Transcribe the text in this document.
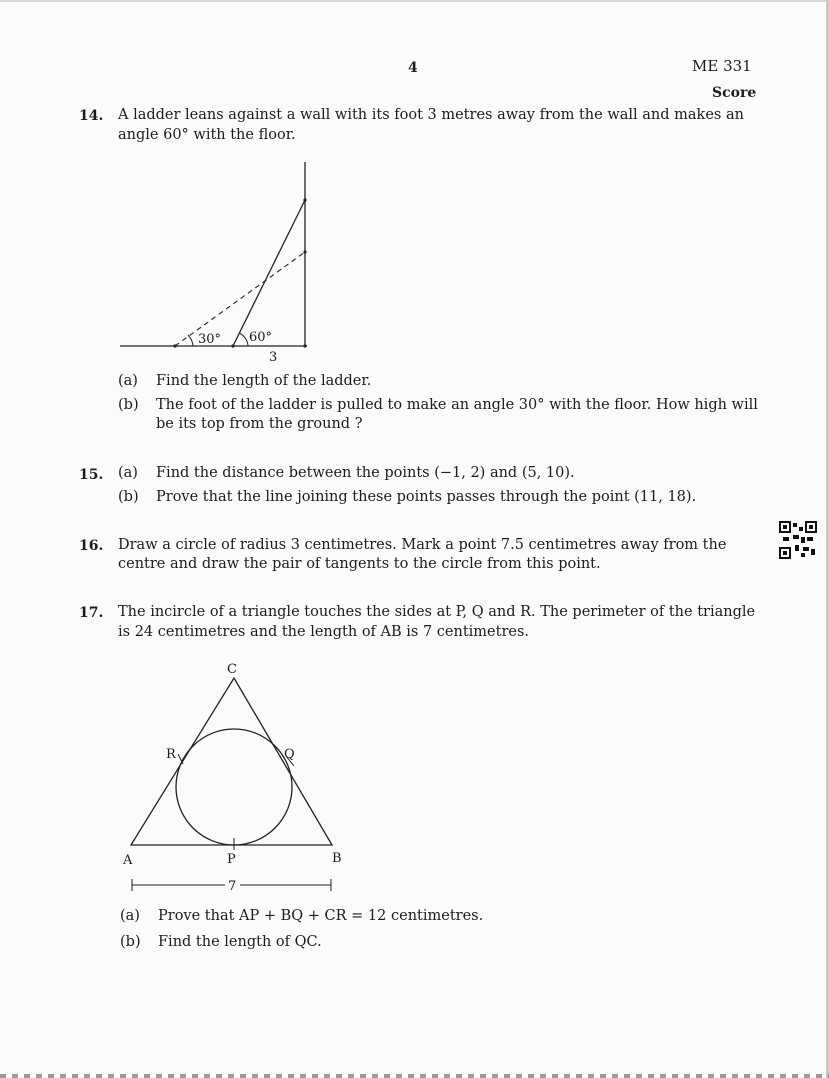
4	ME 331
Score
14. A ladder leans against a wall with its foot 3 metres away from the wall and makes an
angle 60° with the floor.
30° 60°
3
(a) Find the length of the ladder.
(b) The foot of the ladder is pulled to make an angle 30° with the floor. How high will
be its top from the ground ?
15. (a) Find the distance between the points (−1, 2) and (5, 10).
(b) Prove that the line joining these points passes through the point (11, 18).
16. Draw a circle of radius 3 centimetres. Mark a point 7.5 centimetres away from the
centre and draw the pair of tangents to the circle from this point.
17. The incircle of a triangle touches the sides at P, Q and R. The perimeter of the triangle
is 24 centimetres and the length of AB is 7 centimetres.
C
A	B
R	Q
P
7
(a) Prove that AP + BQ + CR = 12 centimetres.
(b) Find the length of QC.
